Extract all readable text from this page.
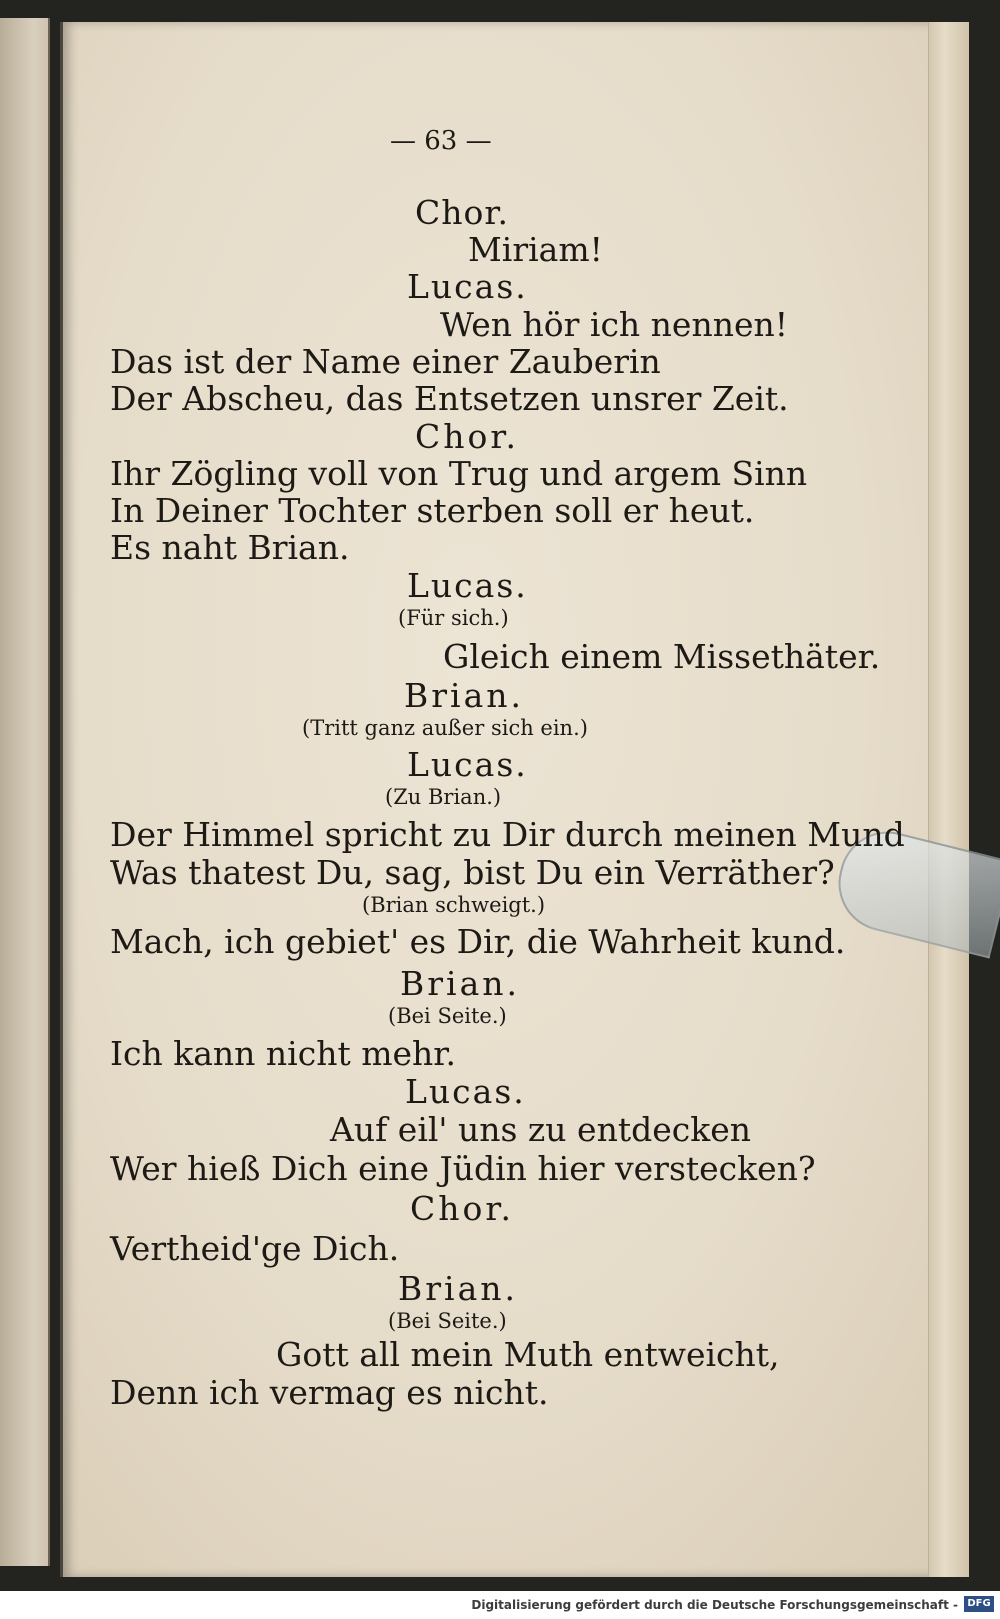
— 63 —
Chor.
Miriam!
Lucas.
Wen hör ich nennen!
Das ist der Name einer Zauberin
Der Abscheu, das Entsetzen unsrer Zeit.
Chor.
Ihr Zögling voll von Trug und argem Sinn
In Deiner Tochter sterben soll er heut.
Es naht Brian.
Lucas.
(Für sich.)
Gleich einem Missethäter.
Brian.
(Tritt ganz außer sich ein.)
Lucas.
(Zu Brian.)
Der Himmel spricht zu Dir durch meinen Mund
Was thatest Du, sag, bist Du ein Verräther?
(Brian schweigt.)
Mach, ich gebiet' es Dir, die Wahrheit kund.
Brian.
(Bei Seite.)
Ich kann nicht mehr.
Lucas.
Auf eil' uns zu entdecken
Wer hieß Dich eine Jüdin hier verstecken?
Chor.
Vertheid'ge Dich.
Brian.
(Bei Seite.)
Gott all mein Muth entweicht,
Denn ich vermag es nicht.
Digitalisierung gefördert durch die Deutsche Forschungsgemeinschaft - DFG
